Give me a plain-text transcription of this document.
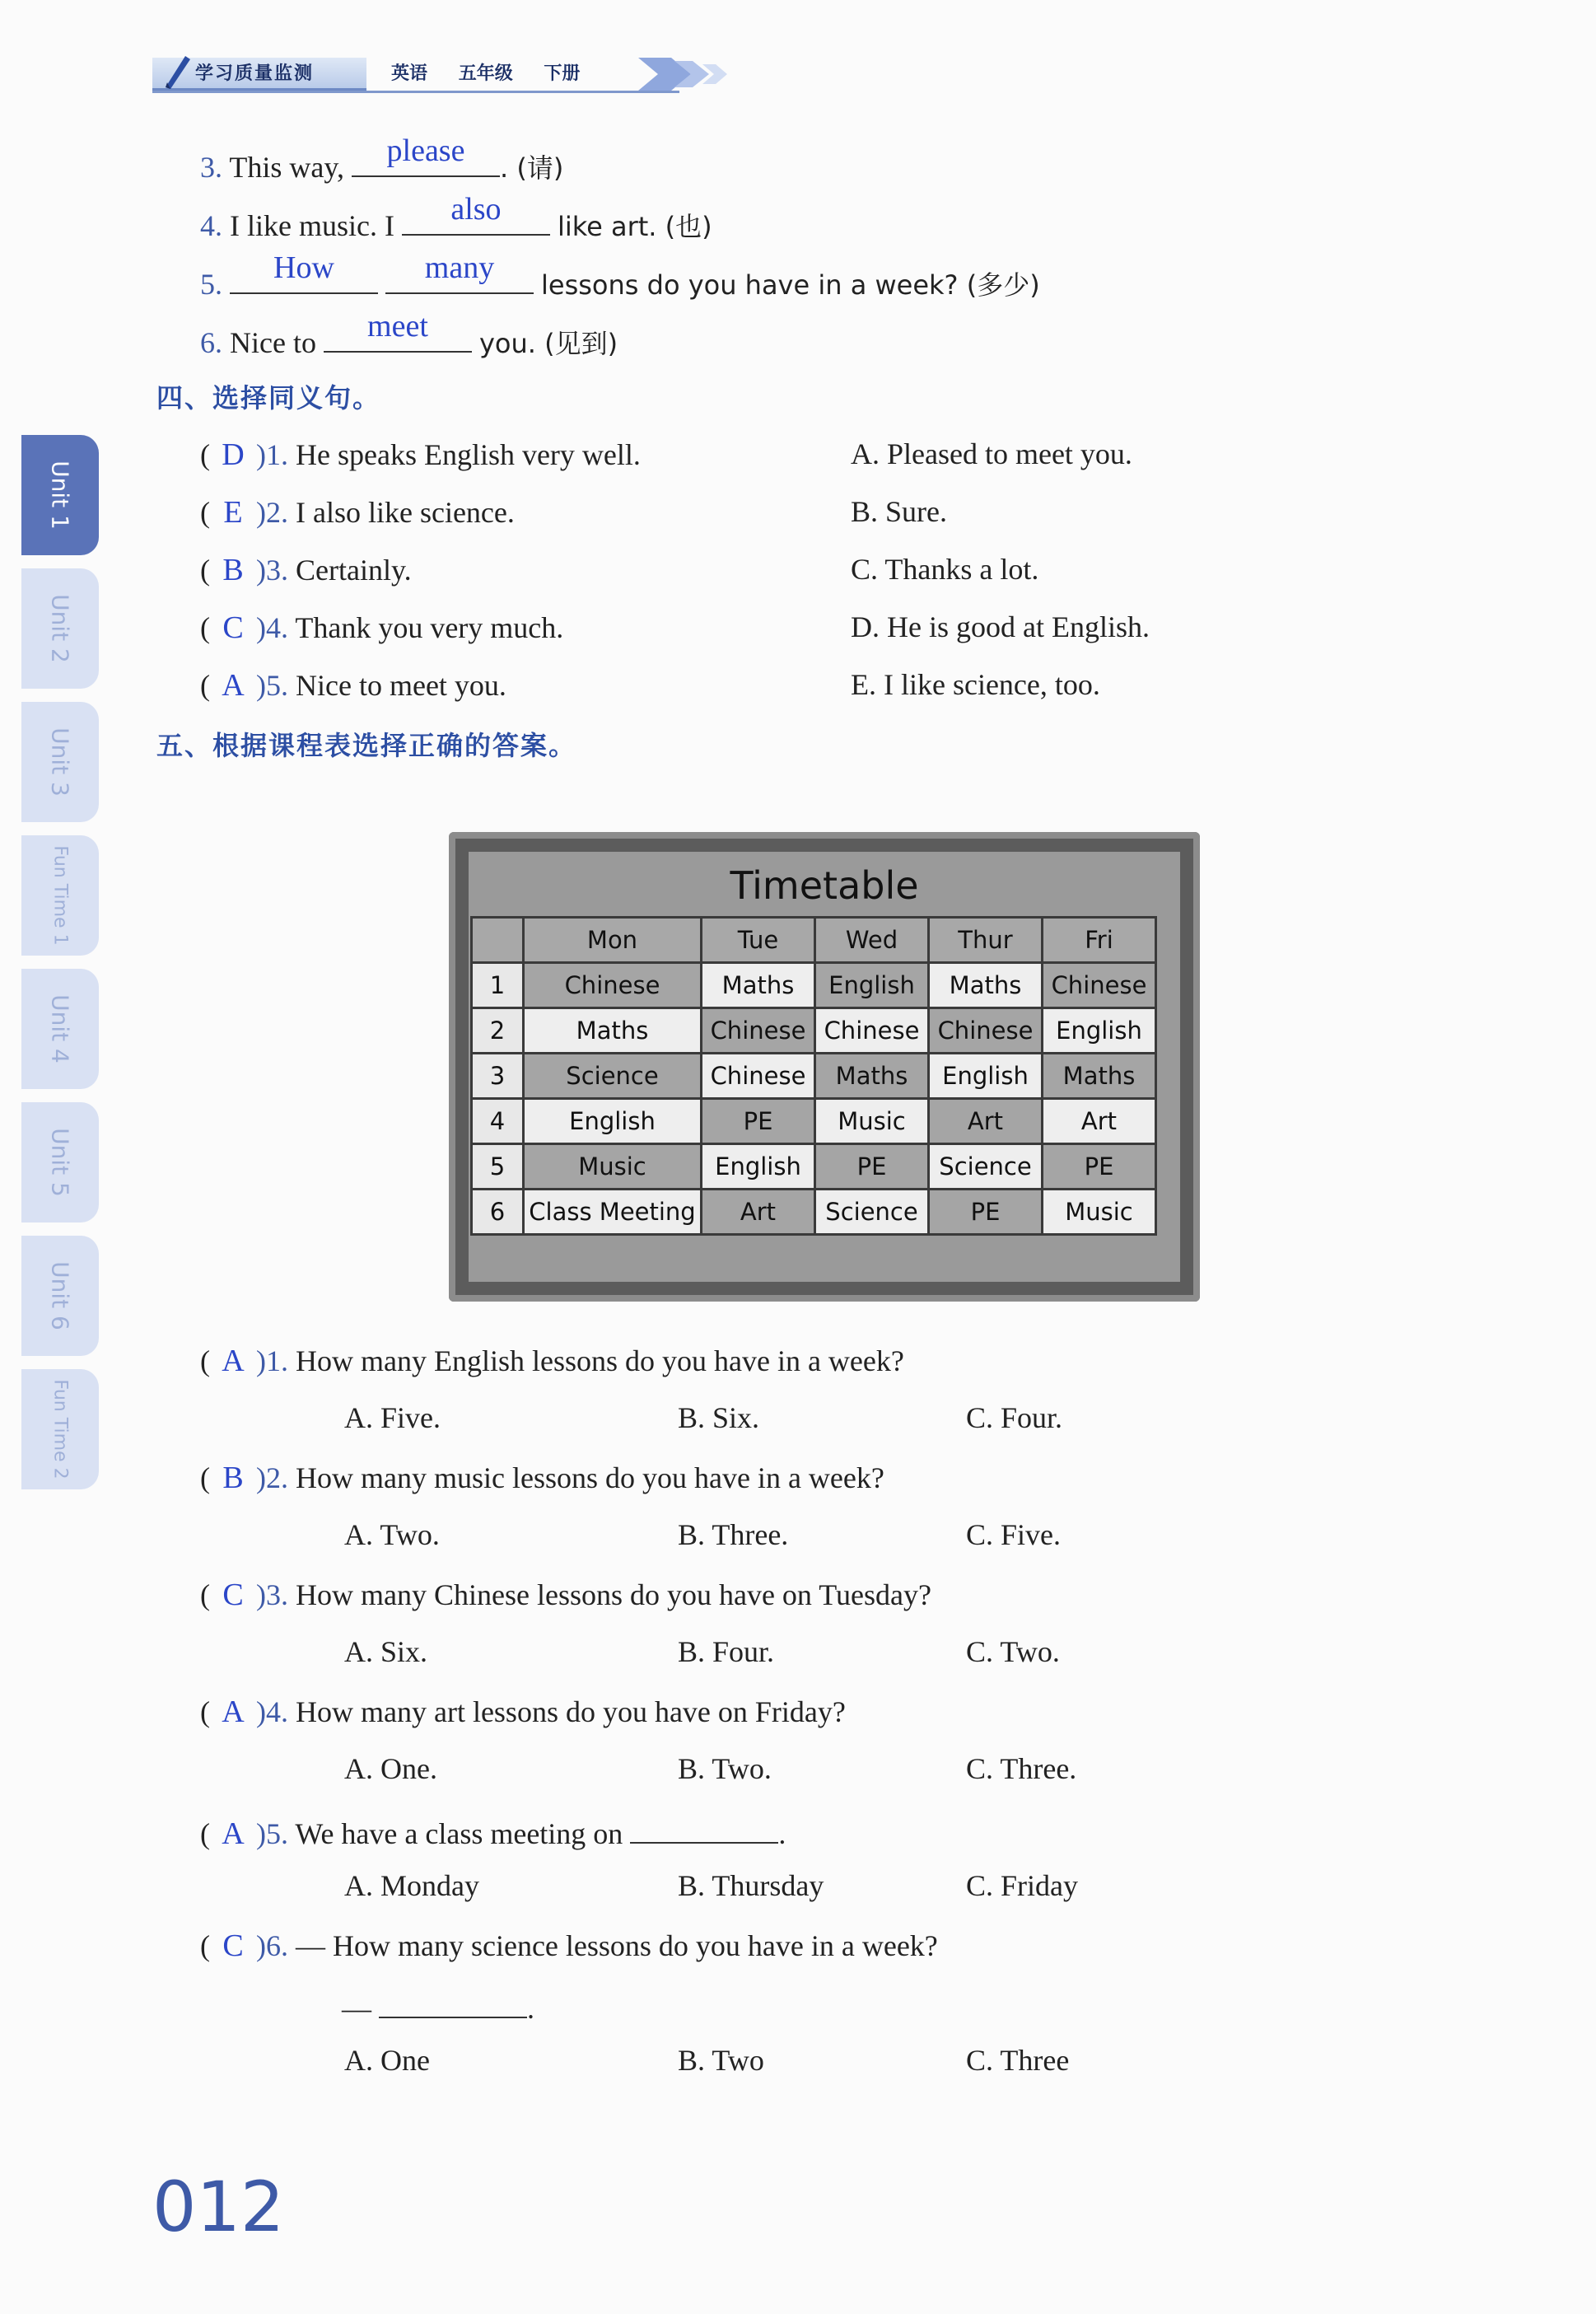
学习质量监测	英语 五年级 下册
Unit 1
Unit 2
Unit 3
Fun Time 1
Unit 4
Unit 5
Unit 6
Fun Time 2
3. This way,	please	. (请)
4. I like music. I	also	like art. (也)
5.	How
	many	lessons do you have in a week? (多少)
6. Nice to	meet	you. (见到)
四、选择同义句。
( D )1. He speaks English very well.	A. Pleased to meet you.
( E )2. I also like science.	B. Sure.
( B )3. Certainly.	C. Thanks a lot.
( C )4. Thank you very much.	D. He is good at English.
( A )5. Nice to meet you.	E. I like science, too.
五、根据课程表选择正确的答案。
Timetable
	Mon	Tue	Wed	Thur	Fri
1	Chinese	Maths	English	Maths	Chinese
2	Maths	Chinese	Chinese	Chinese	English
3	Science	Chinese	Maths	English	Maths
4	English	PE	Music	Art	Art
5	Music	English	PE	Science	PE
6	Class Meeting	Art	Science	PE	Music
( A )1. How many English lessons do you have in a week?
A. Five.	B. Six.	C. Four.
( B )2. How many music lessons do you have in a week?
A. Two.	B. Three.	C. Five.
( C )3. How many Chinese lessons do you have on Tuesday?
A. Six.	B. Four.	C. Two.
( A )4. How many art lessons do you have on Friday?
A. One.	B. Two.	C. Three.
( A )5. We have a class meeting on	.
A. Monday	B. Thursday	C. Friday
( C )6. — How many science lessons do you have in a week?
—	.
A. One	B. Two	C. Three
012
